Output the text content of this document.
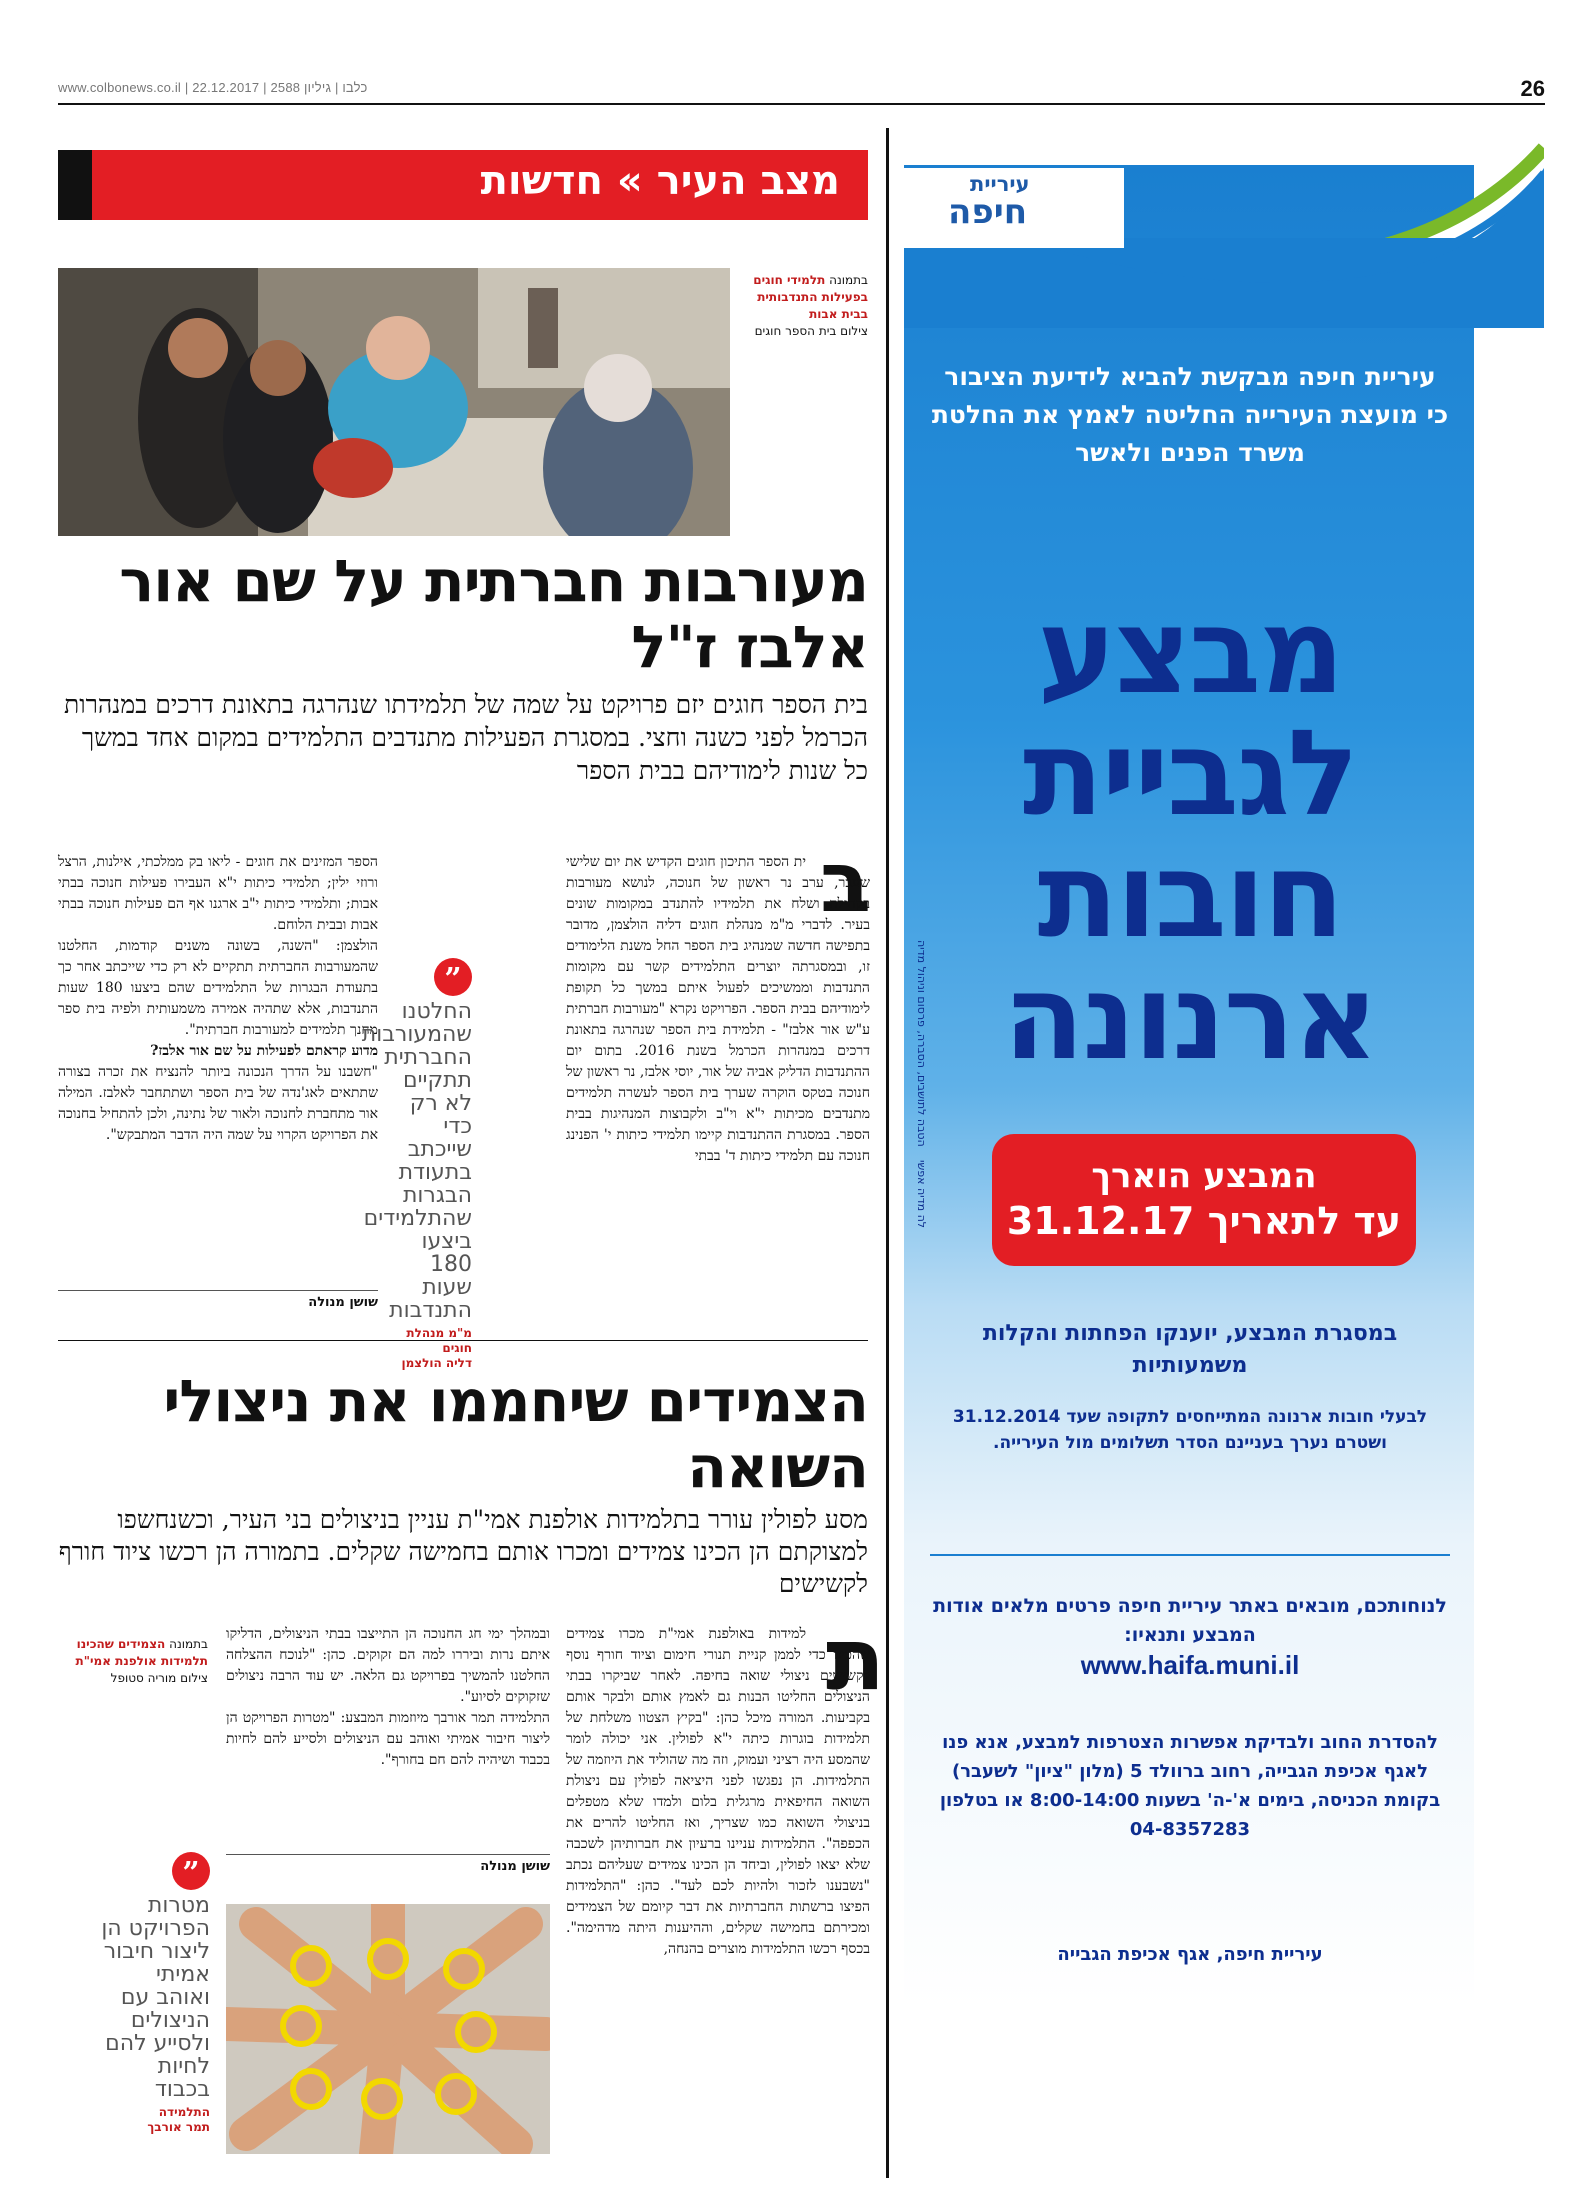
www.colbonews.co.il | כלבו | גיליון 2588 | 22.12.2017	26
מצב העיר » חדשות
בתמונה תלמידי חוגים בפעילות התנדבותית בבית אבות
צילום בית הספר חוגים
מעורבות חברתית על שם אור אלבז ז"ל
בית הספר חוגים יזם פרויקט על שמה של תלמידתו שנהרגה בתאונת דרכים במנהרות הכרמל לפני כשנה וחצי. במסגרת הפעילות מתנדבים התלמידים במקום אחד במשך כל שנות לימודיהם בבית הספר
ב
ית הספר התיכון חוגים הקדיש את יום שלישי שעבר, ערב נר ראשון של חנוכה, לנושא מעורבות בקהילה ושלח את תלמידיו להתנדב במקומות שונים בעיר. לדברי מ"מ מנהלת חוגים דליה הולצמן, מדובר בתפישה חדשה שמנהיג בית הספר החל משנת הלימודים זו, ובמסגרתה יוצרים התלמידים קשר עם מקומות התנדבות וממשיכים לפעול איתם במשך כל תקופת לימודיהם בבית הספר. הפרויקט נקרא "מעורבות חברתית ע"ש אור אלבז" - תלמידת בית הספר שנהרגה בתאונת דרכים במנהרות הכרמל בשנת 2016. בתום יום ההתנדבות הדליק אביה של אור, יוסי אלבז, נר ראשון של חנוכה בטקס הוקרה שערך בית הספר לעשרה תלמידים מתנדבים מכיתות י"א וי"ב ולקבוצות המנהיגות בבית הספר. במסגרת ההתנדבות קיימו תלמידי כיתות י' הפנינג חנוכה עם תלמידי כיתות ד' בבתי
הספר המזינים את חוגים - ליאו בק ממלכתי, אילנות, הרצל ורוזי ילין; תלמידי כיתות י"א העבירו פעילות חנוכה בבתי אבות; ותלמידי כיתות י"ב ארגנו אף הם פעילות חנוכה בבתי אבות ובבית הלוחם.
הולצמן: "השנה, בשונה משנים קודמות, החלטנו שהמעורבות החברתית תתקיים לא רק כדי שייכתב אחר כך בתעודת הבגרות של התלמידים שהם ביצעו 180 שעות התנדבות, אלא שתהיה אמירה משמעותית ולפיה בית ספר מחנך תלמידים למעורבות חברתית".
מדוע קראתם לפעילות על שם אור אלבז?
"חשבנו על הדרך הנכונה ביותר להנציח את זכרה בצורה שתתאים לאג'נדה של בית הספר ושתתחבר לאלבז. המילה אור מתחברת לחנוכה ולאור של נתינה, ולכן להתחיל בחנוכה את הפרויקט הקרוי על שמה היה הדבר המתבקש".
”
החלטנו שהמעורבות החברתית תתקיים לא רק כדי שייכתב בתעודת הבגרות שהתלמידים ביצעו 180 שעות התנדבות
מ"מ מנהלת חוגים
דליה הולצמן
שושן מנולה
הצמידים שיחממו את ניצולי השואה
מסע לפולין עורר בתלמידות אולפנת אמי"ת עניין בניצולים בני העיר, וכשנחשפו למצוקתם הן הכינו צמידים ומכרו אותם בחמישה שקלים. בתמורה הן רכשו ציוד חורף לקשישים
ת
למידות באולפנת אמי"ת מכרו צמידים שהכינו כדי לממן קניית תנורי חימום וציוד חורף נוסף לקשישים ניצולי שואה בחיפה. לאחר שביקרו בבתי הניצולים החליטו הבנות גם לאמץ אותם ולבקר אותם בקביעות. המורה מיכל כהן: "בקיץ הצטוו משלחת של תלמידות בוגרות כיתה י"א לפולין. אני יכולה לומר שהמסע היה רציני ועמוק, וזה מה שהוליד את היוזמה של התלמידות. הן נפגשו לפני היציאה לפולין עם ניצולת השואה החיפאית מרגלית בלום ולמדו שלא מטפלים בניצולי השואה כמו שצריך, ואז החליטו להרים את הכפפה". התלמידות עניינו ברעיון את חברותיהן לשכבה שלא יצאו לפולין, וביחד הן הכינו צמידים שעליהם נכתב "נשבענו לזכור ולהיות לכם לעד". כהן: "התלמידות הפיצו ברשתות החברתיות את דבר קיומם של הצמידים ומכירתם בחמישה שקלים, וההיענות היתה מדהימה". בכסף רכשו התלמידות מוצרים בהנחה,
ובמהלך ימי חג החנוכה הן התייצבו בבתי הניצולים, הדליקו איתם נרות וביררו למה הם זקוקים. כהן: "לנוכח ההצלחה החלטנו להמשיך בפרויקט גם הלאה. יש עוד הרבה ניצולים שזקוקים לסיוע".
התלמידה תמר אורבך מיוזמות המבצע: "מטרות הפרויקט הן ליצור חיבור אמיתי ואוהב עם הניצולים ולסייע להם לחיות בכבוד ושיהיה להם חם בחורף".
שושן מנולה
בתמונה הצמידים שהכינו תלמידות אולפנת אמי"ת
צילום מוריה סטופל
”
מטרות הפרויקט הן ליצור חיבור אמיתי ואוהב עם הניצולים ולסייע להם לחיות בכבוד
התלמידה
תמר אורבך
עיריית
חיפה
עיריית חיפה מבקשת להביא לידיעת הציבור כי מועצת העירייה החליטה לאמץ את החלטת משרד הפנים ולאשר
מבצע לגביית חובות ארנונה
הטבה לתושבים, הסברה, פרסום וניהול מדיה
לה מדיה אפשי	המבצע הוארך
עד לתאריך 31.12.17
במסגרת המבצע, יוענקו הפחתות והקלות משמעותיות
לבעלי חובות ארנונה המתייחסים לתקופה שעד 31.12.2014 ושטרם נערך בעניינם הסדר תשלומים מול העירייה.
לנוחותכם, מובאים באתר עיריית חיפה פרטים מלאים אודות המבצע ותנאיו:
www.haifa.muni.il
להסדרת החוב ולבדיקת אפשרות הצטרפות למבצע, אנא פנו לאגף אכיפת הגבייה, רחוב ברוולד 5 (מלון "ציון" לשעבר) בקומת הכניסה, בימים א'-ה' בשעות 8:00-14:00 או בטלפון 04-8357283
עיריית חיפה, אגף אכיפת הגבייה
